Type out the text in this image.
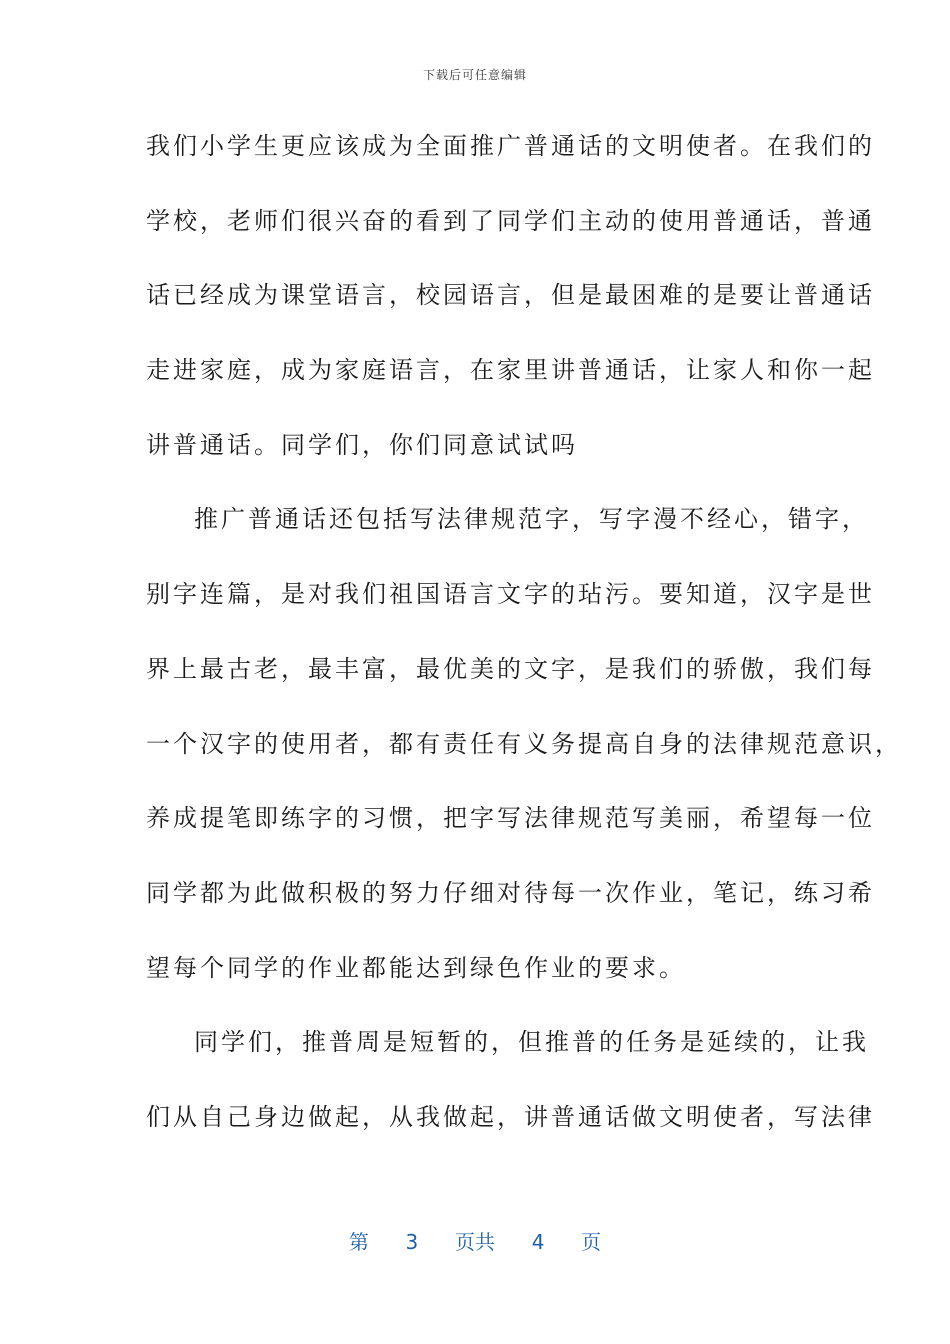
下载后可任意编辑
我们小学生更应该成为全面推广普通话的文明使者。在我们的
学校，老师们很兴奋的看到了同学们主动的使用普通话，普通
话已经成为课堂语言，校园语言，但是最困难的是要让普通话
走进家庭，成为家庭语言，在家里讲普通话，让家人和你一起
讲普通话。同学们，你们同意试试吗
推广普通话还包括写法律规范字，写字漫不经心，错字，
别字连篇，是对我们祖国语言文字的玷污。要知道，汉字是世
界上最古老，最丰富，最优美的文字，是我们的骄傲，我们每
一个汉字的使用者，都有责任有义务提高自身的法律规范意识，
养成提笔即练字的习惯，把字写法律规范写美丽，希望每一位
同学都为此做积极的努力仔细对待每一次作业，笔记，练习希
望每个同学的作业都能达到绿色作业的要求。
同学们，推普周是短暂的，但推普的任务是延续的，让我
们从自己身边做起，从我做起，讲普通话做文明使者，写法律
第 3 页共 4 页
